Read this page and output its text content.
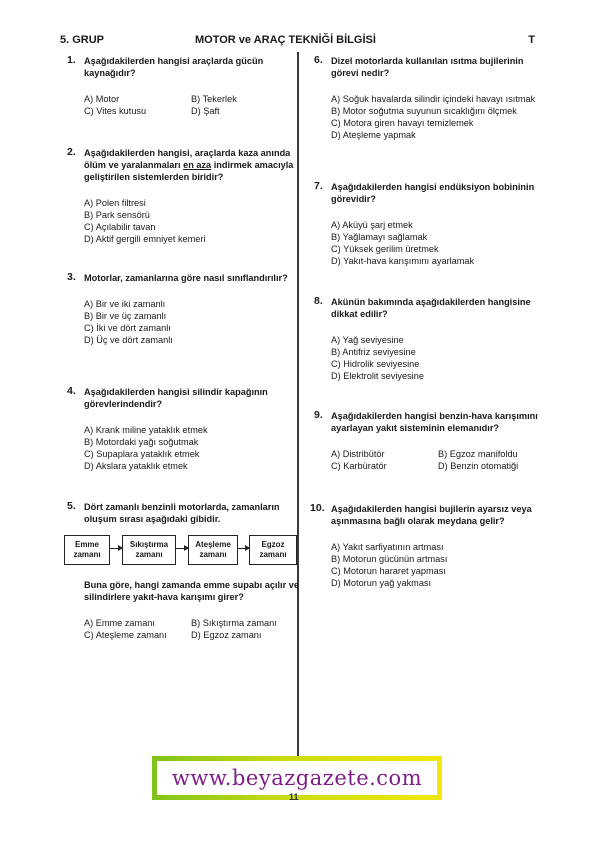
5. GRUP	MOTOR ve ARAÇ TEKNİĞİ BİLGİSİ	T
1. Aşağıdakilerden hangisi araçlarda gücün kaynağıdır?
A) Motor	B) Tekerlek
C) Vites kutusu	D) Şaft
2. Aşağıdakilerden hangisi, araçlarda kaza anında ölüm ve yaralanmaları en aza indirmek amacıyla geliştirilen sistemlerden biridir?
A) Polen filtresi
B) Park sensörü
C) Açılabilir tavan
D) Aktif gergili emniyet kemeri
3. Motorlar, zamanlarına göre nasıl sınıflandırılır?
A) Bir ve iki zamanlı
B) Bir ve üç zamanlı
C) İki ve dört zamanlı
D) Üç ve dört zamanlı
4. Aşağıdakilerden hangisi silindir kapağının görevlerindendir?
A) Krank miline yataklık etmek
B) Motordaki yağı soğutmak
C) Supaplara yataklık etmek
D) Akslara yataklık etmek
5. Dört zamanlı benzinli motorlarda, zamanların oluşum sırası aşağıdaki gibidir.
Emme zamanı
Sıkıştırma zamanı
Ateşleme zamanı
Egzoz zamanı
Buna göre, hangi zamanda emme supabı açılır ve silindirlere yakıt-hava karışımı girer?
A) Emme zamanı	B) Sıkıştırma zamanı
C) Ateşleme zamanı	D) Egzoz zamanı
6. Dizel motorlarda kullanılan ısıtma bujilerinin görevi nedir?
A) Soğuk havalarda silindir içindeki havayı ısıtmak
B) Motor soğutma suyunun sıcaklığını ölçmek
C) Motora giren havayı temizlemek
D) Ateşleme yapmak
7. Aşağıdakilerden hangisi endüksiyon bobininin görevidir?
A) Aküyü şarj etmek
B) Yağlamayı sağlamak
C) Yüksek gerilim üretmek
D) Yakıt-hava karışımını ayarlamak
8. Akünün bakımında aşağıdakilerden hangisine dikkat edilir?
A) Yağ seviyesine
B) Antifriz seviyesine
C) Hidrolik seviyesine
D) Elektrolit seviyesine
9. Aşağıdakilerden hangisi benzin-hava karışımını ayarlayan yakıt sisteminin elemanıdır?
A) Distribütör	B) Egzoz manifoldu
C) Karbüratör	D) Benzin otomatiği
10. Aşağıdakilerden hangisi bujilerin ayarsız veya aşınmasına bağlı olarak meydana gelir?
A) Yakıt sarfiyatının artması
B) Motorun gücünün artması
C) Motorun hararet yapması
D) Motorun yağ yakması
www.beyazgazete.com
11
